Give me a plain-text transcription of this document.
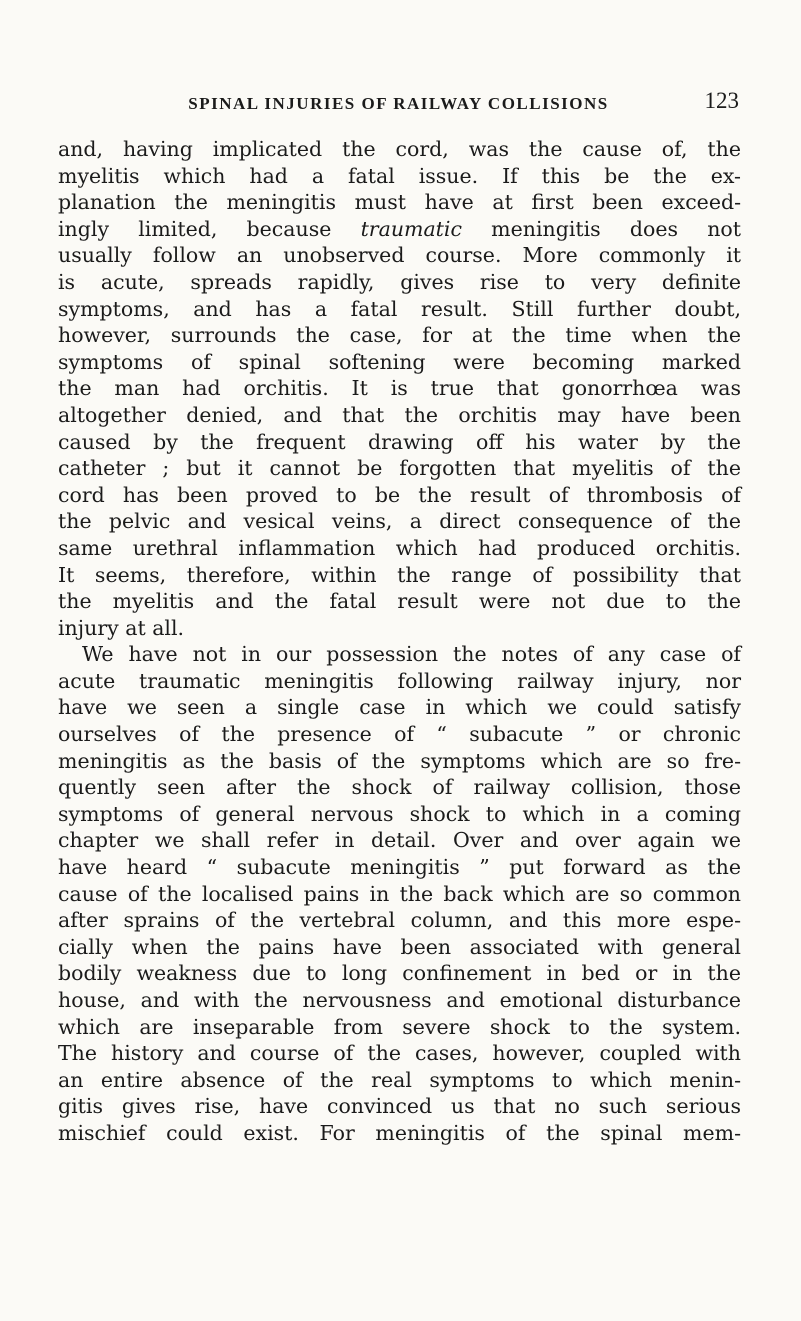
SPINAL INJURIES OF RAILWAY COLLISIONS	123
and, having implicated the cord, was the cause of, the
myelitis which had a fatal issue. If this be the ex-
planation the meningitis must have at first been exceed-
ingly limited, because traumatic meningitis does not
usually follow an unobserved course. More commonly it
is acute, spreads rapidly, gives rise to very definite
symptoms, and has a fatal result. Still further doubt,
however, surrounds the case, for at the time when the
symptoms of spinal softening were becoming marked
the man had orchitis. It is true that gonorrhœa was
altogether denied, and that the orchitis may have been
caused by the frequent drawing off his water by the
catheter ; but it cannot be forgotten that myelitis of the
cord has been proved to be the result of thrombosis of
the pelvic and vesical veins, a direct consequence of the
same urethral inflammation which had produced orchitis.
It seems, therefore, within the range of possibility that
the myelitis and the fatal result were not due to the
injury at all.
We have not in our possession the notes of any case of
acute traumatic meningitis following railway injury, nor
have we seen a single case in which we could satisfy
ourselves of the presence of “ subacute ” or chronic
meningitis as the basis of the symptoms which are so fre-
quently seen after the shock of railway collision, those
symptoms of general nervous shock to which in a coming
chapter we shall refer in detail. Over and over again we
have heard “ subacute meningitis ” put forward as the
cause of the localised pains in the back which are so common
after sprains of the vertebral column, and this more espe-
cially when the pains have been associated with general
bodily weakness due to long confinement in bed or in the
house, and with the nervousness and emotional disturbance
which are inseparable from severe shock to the system.
The history and course of the cases, however, coupled with
an entire absence of the real symptoms to which menin-
gitis gives rise, have convinced us that no such serious
mischief could exist. For meningitis of the spinal mem-
